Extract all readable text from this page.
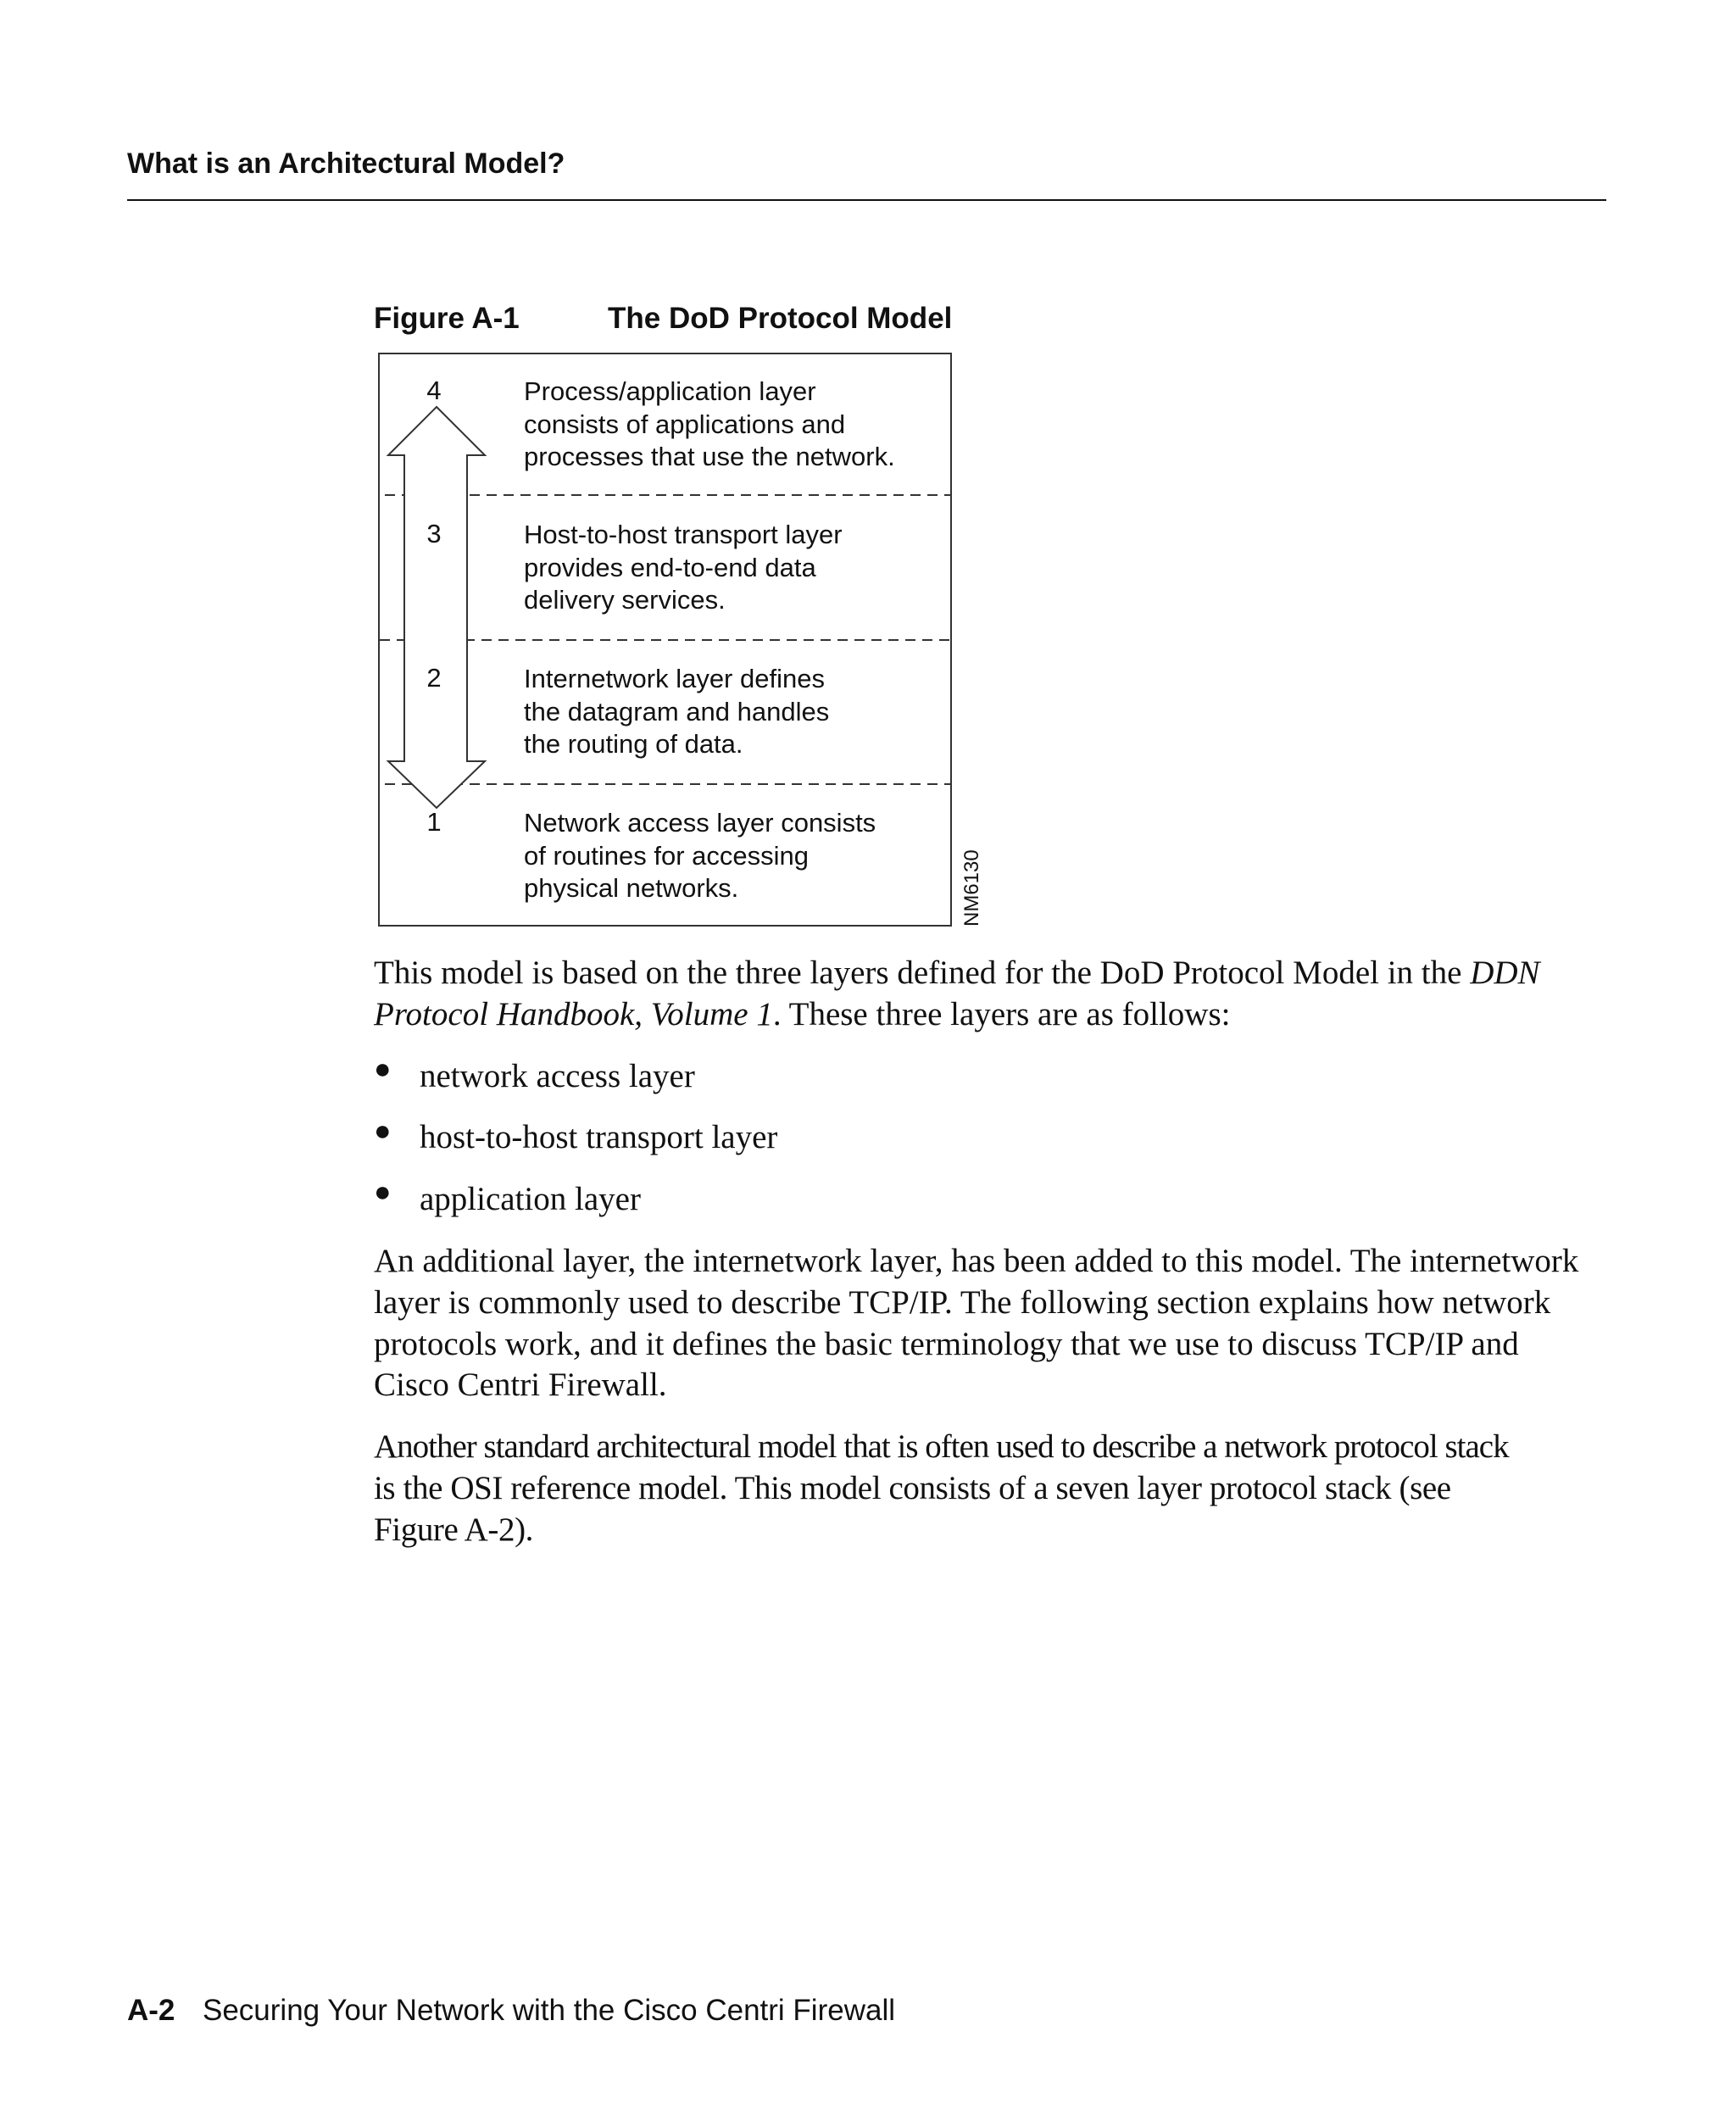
What is an Architectural Model?
Figure A-1	The DoD Protocol Model
4
3
2
1
Process/application layer
consists of applications and
processes that use the network.
Host-to-host transport layer
provides end-to-end data
delivery services.
Internetwork layer defines
the datagram and handles
the routing of data.
Network access layer consists
of routines for accessing
physical networks.	NM6130
This model is based on the three layers defined for the DoD Protocol Model in the DDN
Protocol Handbook, Volume 1. These three layers are as follows:
● network access layer
● host-to-host transport layer
● application layer
An additional layer, the internetwork layer, has been added to this model. The internetwork
layer is commonly used to describe TCP/IP. The following section explains how network
protocols work, and it defines the basic terminology that we use to discuss TCP/IP and
Cisco Centri Firewall.
Another standard architectural model that is often used to describe a network protocol stack
is the OSI reference model. This model consists of a seven layer protocol stack (see
Figure A-2).
A-2 Securing Your Network with the Cisco Centri Firewall
